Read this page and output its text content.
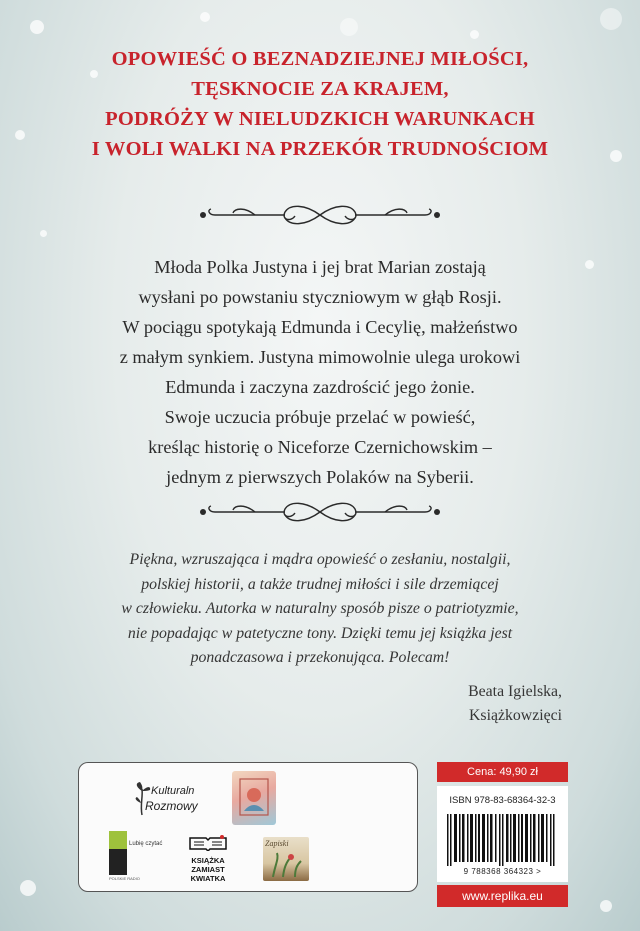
OPOWIEŚĆ O BEZNADZIEJNEJ MIŁOŚCI,
TĘSKNOCIE ZA KRAJEM,
PODRÓŻY W NIELUDZKICH WARUNKACH
I WOLI WALKI NA PRZEKÓR TRUDNOŚCIOM
Młoda Polka Justyna i jej brat Marian zostają
wysłani po powstaniu styczniowym w głąb Rosji.
W pociągu spotykają Edmunda i Cecylię, małżeństwo
z małym synkiem. Justyna mimowolnie ulega urokowi
Edmunda i zaczyna zazdrościć jego żonie.
Swoje uczucia próbuje przelać w powieść,
kreśląc historię o Niceforze Czernichowskim –
jednym z pierwszych Polaków na Syberii.
Piękna, wzruszająca i mądra opowieść o zesłaniu, nostalgii,
polskiej historii, a także trudnej miłości i sile drzemiącej
w człowieku. Autorka w naturalny sposób pisze o patriotyzmie,
nie popadając w patetyczne tony. Dzięki temu jej książka jest
ponadczasowa i przekonująca. Polecam!
Beata Igielska,
Książkowzięci
Kulturaln
Rozmowy
Lubię czytać
POLSKIE RADIO
KSIĄŻKA
ZAMIAST
KWIATKA
Zapiski
Cena: 49,90 zł
ISBN 978-83-68364-32-3
9 788368 364323 >
www.replika.eu
